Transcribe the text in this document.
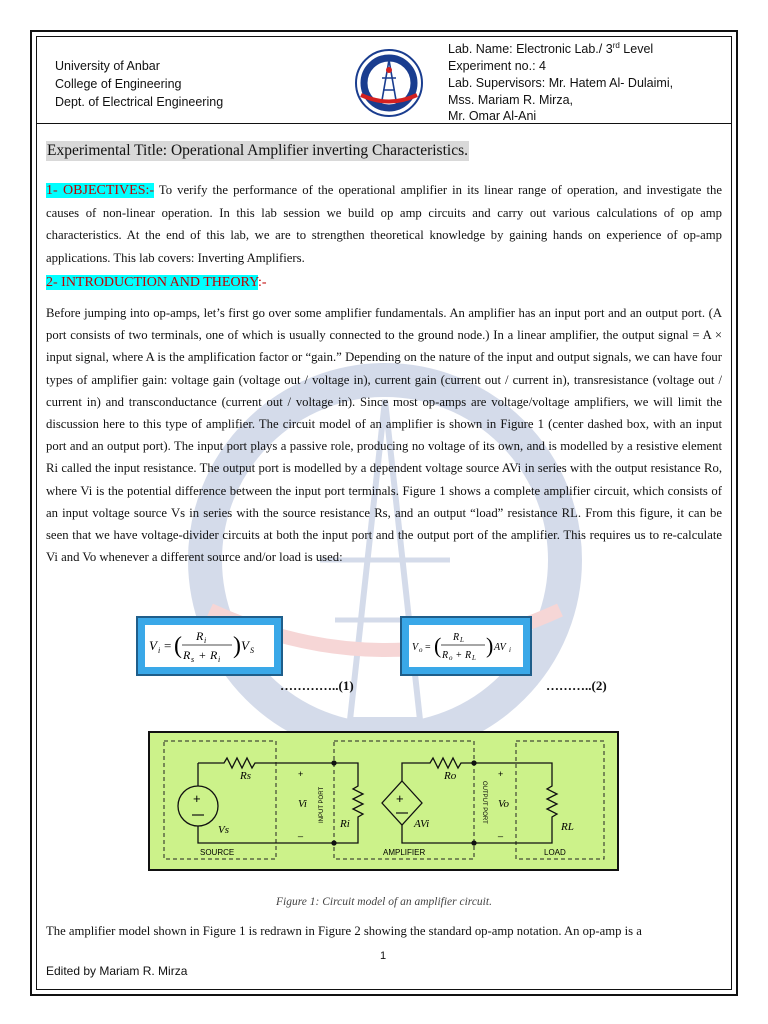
University of Anbar
College of Engineering
Dept. of Electrical Engineering
Lab. Name: Electronic Lab./ 3rd Level
Experiment no.: 4
Lab. Supervisors: Mr. Hatem Al- Dulaimi,
Mss. Mariam R. Mirza,
Mr. Omar Al-Ani
Experimental Title: Operational Amplifier inverting Characteristics.
1- OBJECTIVES:- To verify the performance of the operational amplifier in its linear range of operation, and investigate the causes of non-linear operation. In this lab session we build op amp circuits and carry out various calculations of op amp characteristics. At the end of this lab, we are to strengthen theoretical knowledge by gaining hands on experience of op-amp applications. This lab covers: Inverting Amplifiers.
2- INTRODUCTION AND THEORY:-
Before jumping into op-amps, let’s first go over some amplifier fundamentals. An amplifier has an input port and an output port. (A port consists of two terminals, one of which is usually connected to the ground node.) In a linear amplifier, the output signal = A × input signal, where A is the amplification factor or “gain.” Depending on the nature of the input and output signals, we can have four types of amplifier gain: voltage gain (voltage out / voltage in), current gain (current out / current in), transresistance (voltage out / current in) and transconductance (current out / voltage in). Since most op-amps are voltage/voltage amplifiers, we will limit the discussion here to this type of amplifier. The circuit model of an amplifier is shown in Figure 1 (center dashed box, with an input port and an output port). The input port plays a passive role, producing no voltage of its own, and is modelled by a resistive element Ri called the input resistance. The output port is modelled by a dependent voltage source AVi in series with the output resistance Ro, where Vi is the potential difference between the input port terminals. Figure 1 shows a complete amplifier circuit, which consists of an input voltage source Vs in series with the source resistance Rs, and an output “load” resistance RL. From this figure, it can be seen that we have voltage-divider circuits at both the input port and the output port of the amplifier. This requires us to re-calculate Vi and Vo whenever a different source and/or load is used:
V i = ( R i
R s + R i
) V S	V o = ( R L
R o + R L ) AV i
…………..(1)	………..(2)
+	+
Rs
Vs
+
Vi
_
INPUT PORT
Ri
Ro
AVi
OUTPUT PORT
+
Vo
_	RL
SOURCE	AMPLIFIER	LOAD
Figure 1: Circuit model of an amplifier circuit.
The amplifier model shown in Figure 1 is redrawn in Figure 2 showing the standard op-amp notation. An op-amp is a
1
Edited by Mariam R. Mirza
